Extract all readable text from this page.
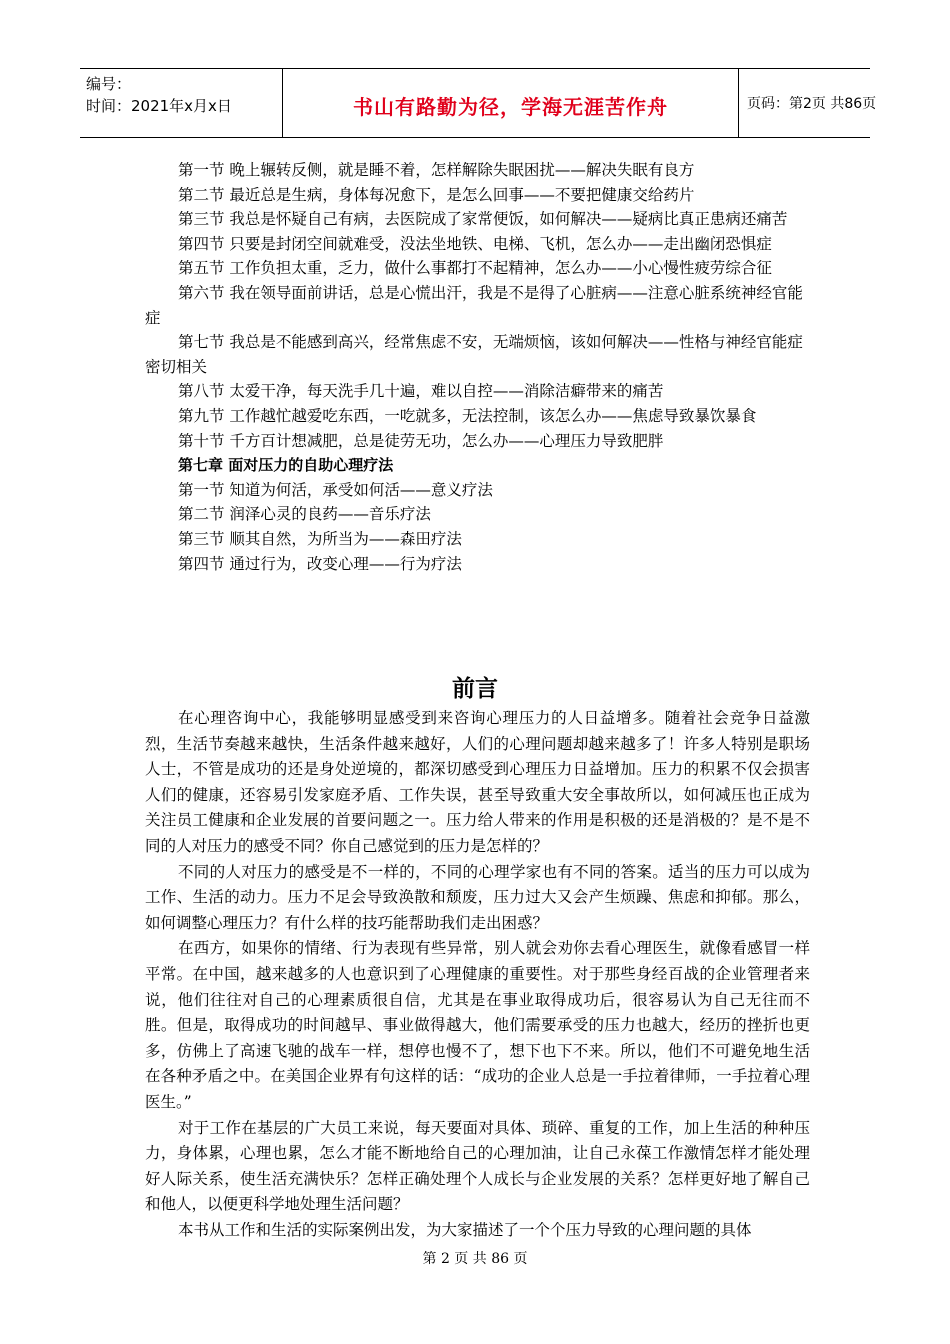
编号：
时间：2021年x月x日	书山有路勤为径，学海无涯苦作舟	页码：第2页 共86页

第一节 晚上辗转反侧，就是睡不着，怎样解除失眠困扰——解决失眠有良方

第二节 最近总是生病，身体每况愈下，是怎么回事——不要把健康交给药片

第三节 我总是怀疑自己有病，去医院成了家常便饭，如何解决——疑病比真正患病还痛苦

第四节 只要是封闭空间就难受，没法坐地铁、电梯、飞机，怎么办——走出幽闭恐惧症

第五节 工作负担太重，乏力，做什么事都打不起精神，怎么办——小心慢性疲劳综合征

第六节 我在领导面前讲话，总是心慌出汗，我是不是得了心脏病——注意心脏系统神经官能症

第七节 我总是不能感到高兴，经常焦虑不安，无端烦恼，该如何解决——性格与神经官能症密切相关

第八节 太爱干净，每天洗手几十遍，难以自控——消除洁癖带来的痛苦

第九节 工作越忙越爱吃东西，一吃就多，无法控制，该怎么办——焦虑导致暴饮暴食

第十节 千方百计想减肥，总是徒劳无功，怎么办——心理压力导致肥胖

第七章 面对压力的自助心理疗法

第一节 知道为何活，承受如何活——意义疗法

第二节 润泽心灵的良药——音乐疗法

第三节 顺其自然，为所当为——森田疗法

第四节 通过行为，改变心理——行为疗法

前言

在心理咨询中心，我能够明显感受到来咨询心理压力的人日益增多。随着社会竞争日益激烈，生活节奏越来越快，生活条件越来越好，人们的心理问题却越来越多了！许多人特别是职场人士，不管是成功的还是身处逆境的，都深切感受到心理压力日益增加。压力的积累不仅会损害人们的健康，还容易引发家庭矛盾、工作失误，甚至导致重大安全事故所以，如何减压也正成为关注员工健康和企业发展的首要问题之一。压力给人带来的作用是积极的还是消极的？是不是不同的人对压力的感受不同？你自己感觉到的压力是怎样的？

不同的人对压力的感受是不一样的，不同的心理学家也有不同的答案。适当的压力可以成为工作、生活的动力。压力不足会导致涣散和颓废，压力过大又会产生烦躁、焦虑和抑郁。那么，如何调整心理压力？有什么样的技巧能帮助我们走出困惑？

在西方，如果你的情绪、行为表现有些异常，别人就会劝你去看心理医生，就像看感冒一样平常。在中国，越来越多的人也意识到了心理健康的重要性。对于那些身经百战的企业管理者来说，他们往往对自己的心理素质很自信，尤其是在事业取得成功后，很容易认为自己无往而不胜。但是，取得成功的时间越早、事业做得越大，他们需要承受的压力也越大，经历的挫折也更多，仿佛上了高速飞驰的战车一样，想停也慢不了，想下也下不来。所以，他们不可避免地生活在各种矛盾之中。在美国企业界有句这样的话：“成功的企业人总是一手拉着律师，一手拉着心理医生。”

对于工作在基层的广大员工来说，每天要面对具体、琐碎、重复的工作，加上生活的种种压力，身体累，心理也累，怎么才能不断地给自己的心理加油，让自己永葆工作激情怎样才能处理好人际关系，使生活充满快乐？怎样正确处理个人成长与企业发展的关系？怎样更好地了解自己和他人，以便更科学地处理生活问题？

本书从工作和生活的实际案例出发，为大家描述了一个个压力导致的心理问题的具体

第 2 页 共 86 页
